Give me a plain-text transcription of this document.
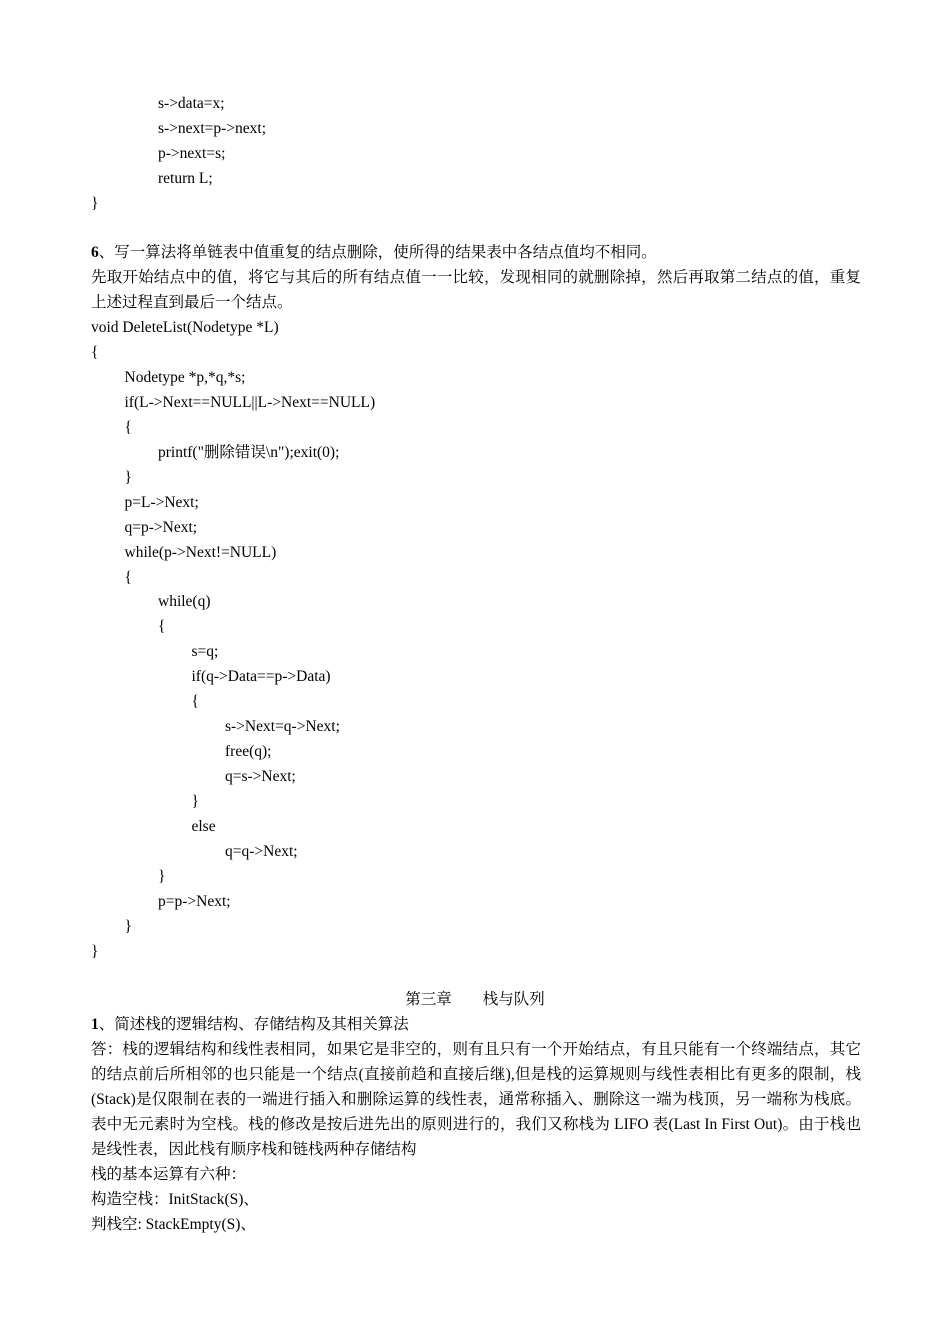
s->data=x;
s->next=p->next;
p->next=s;
return L;
}
6、写一算法将单链表中值重复的结点删除，使所得的结果表中各结点值均不相同。
先取开始结点中的值，将它与其后的所有结点值一一比较，发现相同的就删除掉，然后再取第二结点的值，重复上述过程直到最后一个结点。
void DeleteList(Nodetype *L)
{
Nodetype *p,*q,*s;
if(L->Next==NULL||L->Next==NULL)
{
printf("删除错误\n");exit(0);
}
p=L->Next;
q=p->Next;
while(p->Next!=NULL)
{
while(q)
{
s=q;
if(q->Data==p->Data)
{
s->Next=q->Next;
free(q);
q=s->Next;
}
else
q=q->Next;
}
p=p->Next;
}
}
第三章        栈与队列
1、简述栈的逻辑结构、存储结构及其相关算法
答：栈的逻辑结构和线性表相同，如果它是非空的，则有且只有一个开始结点，有且只能有一个终端结点，其它的结点前后所相邻的也只能是一个结点(直接前趋和直接后继),但是栈的运算规则与线性表相比有更多的限制，栈(Stack)是仅限制在表的一端进行插入和删除运算的线性表，通常称插入、删除这一端为栈顶，另一端称为栈底。表中无元素时为空栈。栈的修改是按后进先出的原则进行的，我们又称栈为 LIFO 表(Last In First Out)。由于栈也是线性表，因此栈有顺序栈和链栈两种存储结构
栈的基本运算有六种：
构造空栈：InitStack(S)、
判栈空: StackEmpty(S)、
